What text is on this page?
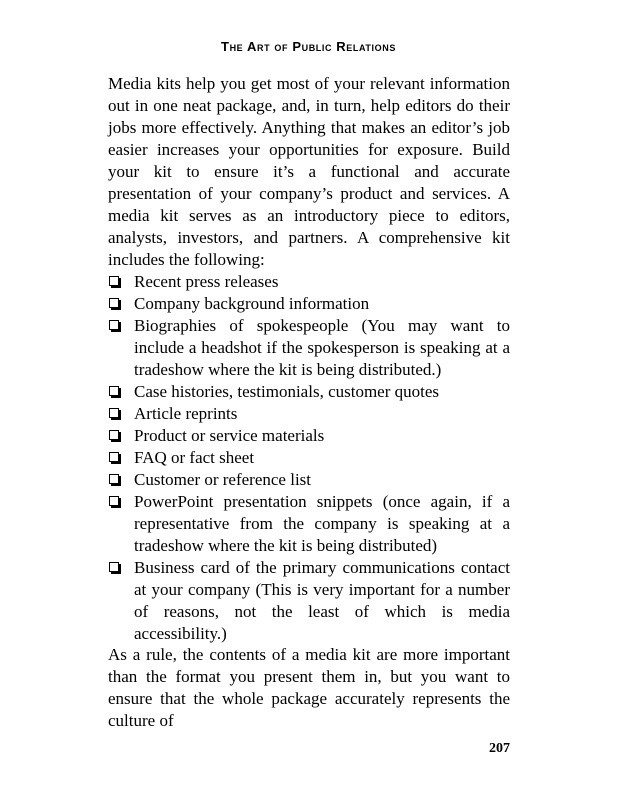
The Art of Public Relations

Media kits help you get most of your relevant information out in one neat package, and, in turn, help editors do their jobs more effectively. Anything that makes an editor’s job easier increases your opportunities for exposure. Build your kit to ensure it’s a functional and accurate presentation of your company’s product and services. A media kit serves as an introductory piece to editors, analysts, investors, and partners. A comprehensive kit includes the following:

Recent press releases
Company background information
Biographies of spokespeople (You may want to include a headshot if the spokesperson is speaking at a tradeshow where the kit is being distributed.)
Case histories, testimonials, customer quotes
Article reprints
Product or service materials
FAQ or fact sheet
Customer or reference list
PowerPoint presentation snippets (once again, if a representative from the company is speaking at a tradeshow where the kit is being distributed)
Business card of the primary communications contact at your company (This is very important for a number of reasons, not the least of which is media accessibility.)

As a rule, the contents of a media kit are more important than the format you present them in, but you want to ensure that the whole package accurately represents the culture of

207
